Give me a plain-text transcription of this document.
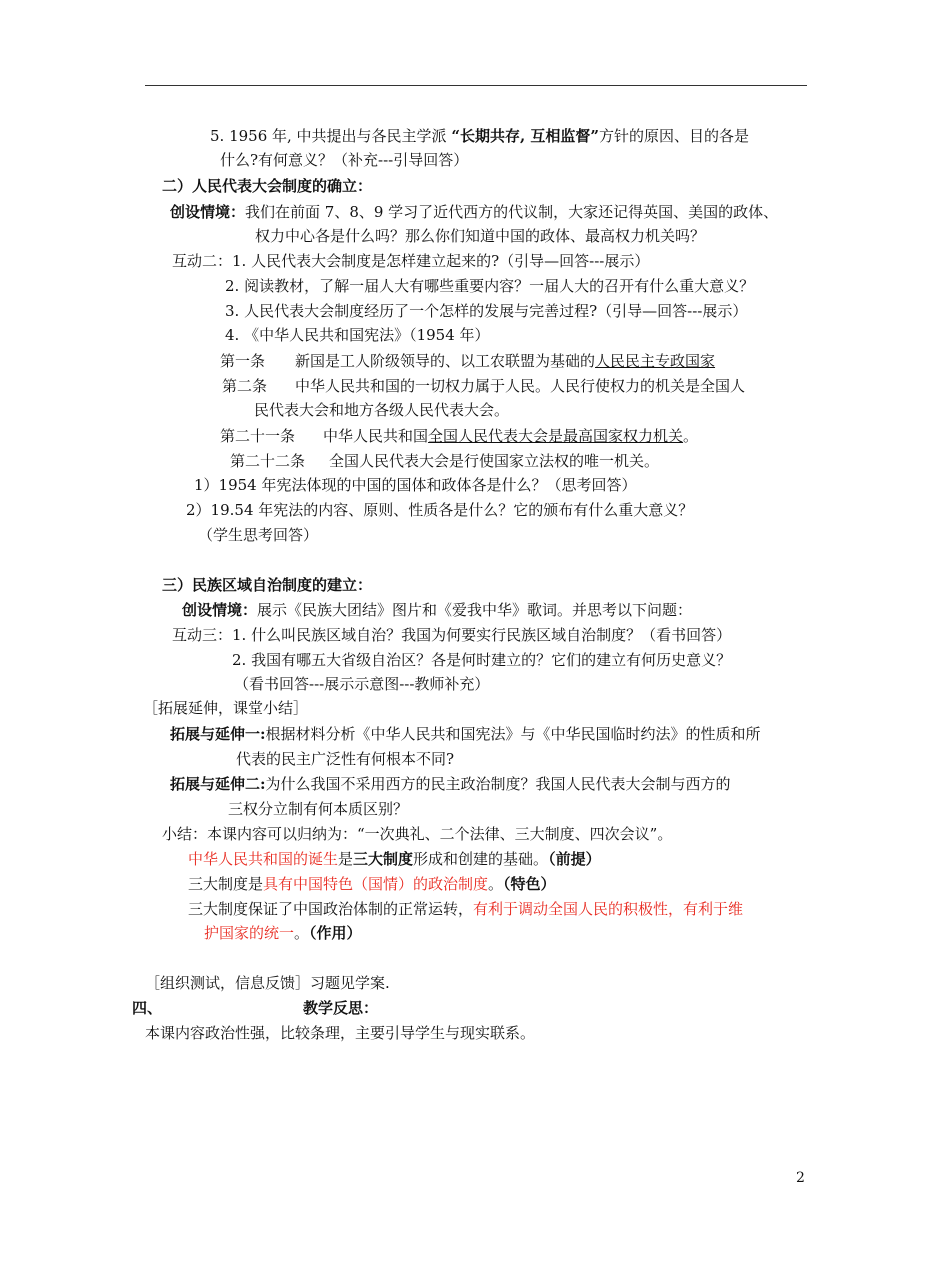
5. 1956 年, 中共提出与各民主学派 “长期共存, 互相监督”方针的原因、目的各是
什么?有何意义？（补充---引导回答）
二）人民代表大会制度的确立：
创设情境：我们在前面 7、8、9 学习了近代西方的代议制，大家还记得英国、美国的政体、
权力中心各是什么吗？那么你们知道中国的政体、最高权力机关吗？
互动二：1. 人民代表大会制度是怎样建立起来的?（引导—回答---展示）
2. 阅读教材，了解一届人大有哪些重要内容？一届人大的召开有什么重大意义？
3. 人民代表大会制度经历了一个怎样的发展与完善过程?（引导—回答---展示）
4. 《中华人民共和国宪法》（1954 年）
第一条 新国是工人阶级领导的、以工农联盟为基础的人民民主专政国家
第二条 中华人民共和国的一切权力属于人民。人民行使权力的机关是全国人
民代表大会和地方各级人民代表大会。
第二十一条 中华人民共和国全国人民代表大会是最高国家权力机关。
第二十二条 全国人民代表大会是行使国家立法权的唯一机关。
1）1954 年宪法体现的中国的国体和政体各是什么？（思考回答）
2）19.54 年宪法的内容、原则、性质各是什么？它的颁布有什么重大意义？
（学生思考回答）
三）民族区域自治制度的建立：
创设情境：展示《民族大团结》图片和《爱我中华》歌词。并思考以下问题：
互动三：1. 什么叫民族区域自治？我国为何要实行民族区域自治制度？（看书回答）
2. 我国有哪五大省级自治区？各是何时建立的？它们的建立有何历史意义？
（看书回答---展示示意图---教师补充）
［拓展延伸，课堂小结］
拓展与延伸一:根据材料分析《中华人民共和国宪法》与《中华民国临时约法》的性质和所
代表的民主广泛性有何根本不同?
拓展与延伸二:为什么我国不采用西方的民主政治制度？我国人民代表大会制与西方的
三权分立制有何本质区别？
小结：本课内容可以归纳为：“一次典礼、二个法律、三大制度、四次会议”。
中华人民共和国的诞生是三大制度形成和创建的基础。（前提）
三大制度是具有中国特色（国情）的政治制度。（特色）
三大制度保证了中国政治体制的正常运转，有利于调动全国人民的积极性，有利于维
护国家的统一。（作用）
［组织测试，信息反馈］习题见学案.
四、	教学反思：
本课内容政治性强，比较条理，主要引导学生与现实联系。
2
